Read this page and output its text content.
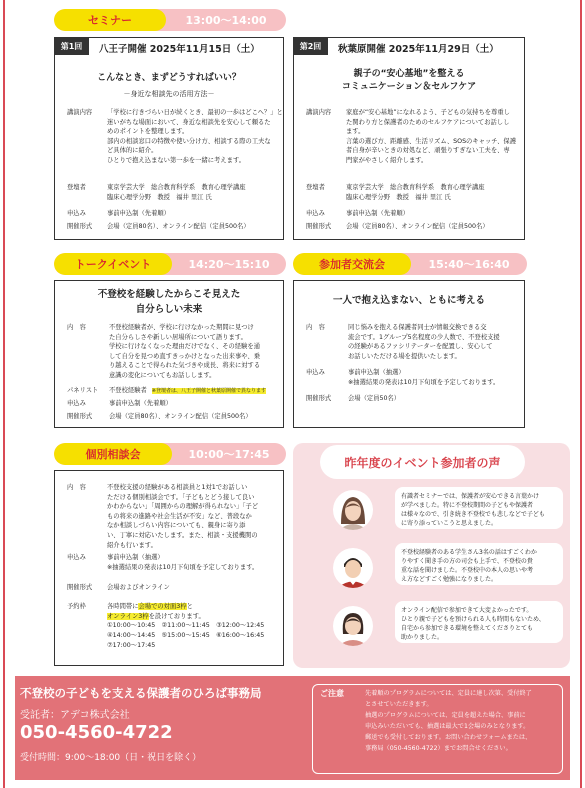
セミナー	13:00～14:00
第1回	八王子開催 2025年11月15日（土）
こんなとき、まずどうすればいい？
－身近な相談先の活用方法－
講演内容 「学校に行きづらい日が続くとき、最初の一歩はどこへ？」と
迷いがちな場面において、身近な相談先を安心して頼るた
めのポイントを整理します。
部内の相談窓口の特徴や使い分け方、相談する際の工夫な
ど具体的に紹介。
ひとりで抱え込まない第一歩を一緒に考えます。
登壇者	東京学芸大学　総合教育科学系　教育心理学講座
臨床心理学分野　教授　福井 里江 氏
申込み	事前申込制（先着順）
開催形式 会場（定員80名）、オンライン配信（定員500名）
第2回	秋葉原開催 2025年11月29日（土）
親子の“安心基地”を整える
コミュニケーション＆セルフケア
講演内容 家庭が“安心基地”になれるよう、子どもの気持ちを尊重し
た関わり方と保護者のためのセルフケアについてお話しし
ます。
言葉の選び方、距離感、生活リズム、SOSのキャッチ、保護
者自身が辛いときの対処など、頑張りすぎない工夫を、専
門家がやさしく紹介します。
登壇者	東京学芸大学　総合教育科学系　教育心理学講座
臨床心理学分野　教授　福井 里江 氏
申込み	事前申込制（先着順）
開催形式 会場（定員80名）、オンライン配信（定員500名）
トークイベント	14:20～15:10
不登校を経験したからこそ見えた
自分らしい未来
内　容	不登校経験者が、学校に行けなかった期間に見つけ
た自分らしさや新しい居場所について語ります。
学校に行けなくなった理由だけでなく、その経験を通
して自分を見つめ直すきっかけとなった出来事や、乗
り越えることで得られた気づきや成長、将来に対する
意識の変化についてもお話しします。
パネリスト 不登校経験者 ※登壇者は、八王子開催と秋葉原開催で異なります
申込み	事前申込制（先着順）
開催形式	会場（定員80名）、オンライン配信（定員500名）
参加者交流会	15:40～16:40
一人で抱え込まない、ともに考える
内　容	同じ悩みを抱える保護者同士が情報交換できる交
流会です。1グループ5名程度の少人数で、不登校支援
の経験があるファシリテーターを配置し、安心して
お話しいただける場を提供いたします。
申込み	事前申込制（抽選）
※抽選結果の発表は10月下旬頃を予定しております。
開催形式	会場（定員50名）
個別相談会	10:00～17:45
内　容	不登校支援の経験がある相談員と1対1でお話しい
ただける個別相談会です。「子どもとどう接して良い
かわからない」「周囲からの理解が得られない」「子ど
もの将来の進路や社会生活が不安」など、普段なか
なか相談しづらい内容についても、親身に寄り添
い、丁寧に対応いたします。また、相談・支援機関の
紹介も行います。
申込み	事前申込制（抽選）
※抽選結果の発表は10月下旬頃を予定しております。
開催形式 会場およびオンライン
予約枠	各時間帯に会場での対面3枠と
オンライン3枠を設けております。
①10:00～10:45　②11:00～11:45　③12:00～12:45
④14:00～14:45　⑤15:00～15:45　⑥16:00～16:45
⑦17:00～17:45
昨年度のイベント参加者の声
有識者セミナーでは、保護者が安心できる言葉かけ
が学べました。特に不登校期間の子どもや保護者
は様々なので、引き続き不登校でも悲しなどで子ども
に寄り添っていこうと思えました。
不登校経験者のある学生さん3名の話はすごくわか
りやすく聞き手の方の司会も上手で、不登校の貴
重な話を聞けました。不登校中の本人の思いや考
え方などすごく勉強になりました。
オンライン配信で参加できて大変よかったです。
ひとり親で子どもを預けられる人も時間もないため、
自宅から参加できる環境を整えてくださりとても
助かりました。
不登校の子どもを支える保護者のひろば事務局
受託者：アデコ株式会社
050-4560-4722
受付時間：9:00～18:00（日・祝日を除く）
ご注意	先着順のプログラムについては、定員に達し次第、受付終了
とさせていただきます。
抽選のプログラムについては、定員を超えた場合、事前に
申込みいただいても、抽選は最大で1会場のみとなります。
郵送でも受付しております。お問い合わせフォームまたは、
事務局（050-4560-4722）までお問合せください。
